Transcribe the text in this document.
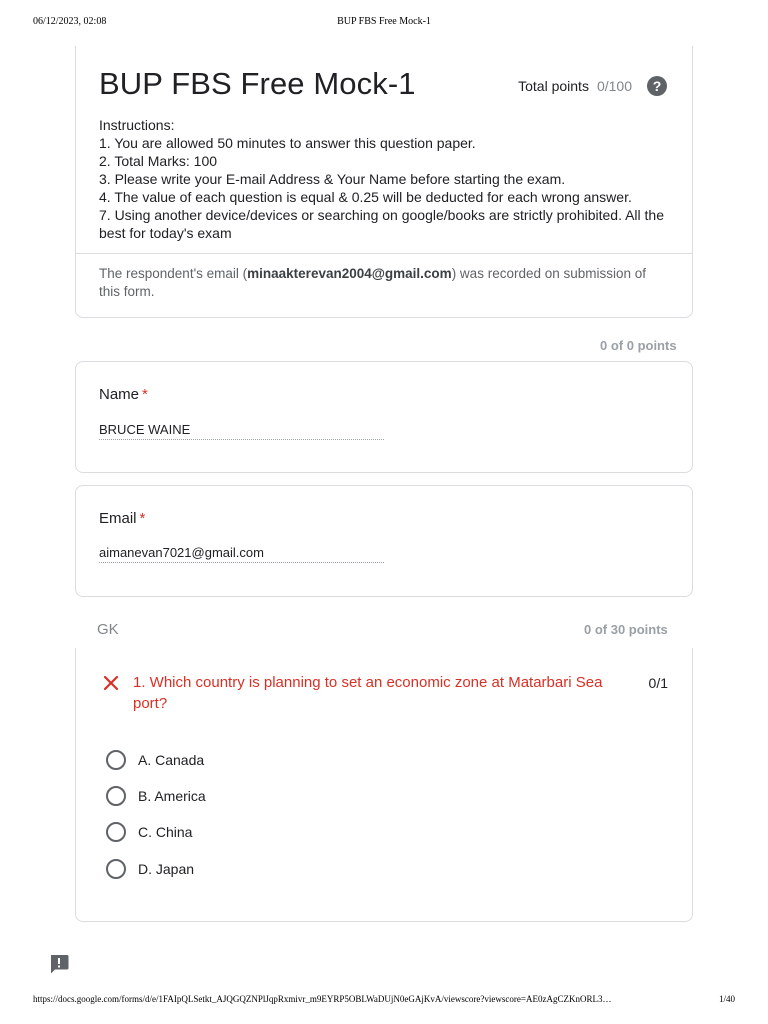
06/12/2023, 02:08	BUP FBS Free Mock-1
BUP FBS Free Mock-1	Total points 0/100 ?
Instructions:
1. You are allowed 50 minutes to answer this question paper.
2. Total Marks: 100
3. Please write your E-mail Address & Your Name before starting the exam.
4. The value of each question is equal & 0.25 will be deducted for each wrong answer.
7. Using another device/devices or searching on google/books are strictly prohibited. All the best for today's exam
The respondent's email (minaakterevan2004@gmail.com) was recorded on submission of this form.
0 of 0 points
Name *
BRUCE WAINE
Email *
aimanevan7021@gmail.com
GK	0 of 30 points
1. Which country is planning to set an economic zone at Matarbari Sea port?
0/1
A. Canada
B. America
C. China
D. Japan
https://docs.google.com/forms/d/e/1FAIpQLSetkt_AJQGQZNPlJqpRxmivr_m9EYRP5OBLWaDUjN0eGAjKvA/viewscore?viewscore=AE0zAgCZKnORL3…	1/40
